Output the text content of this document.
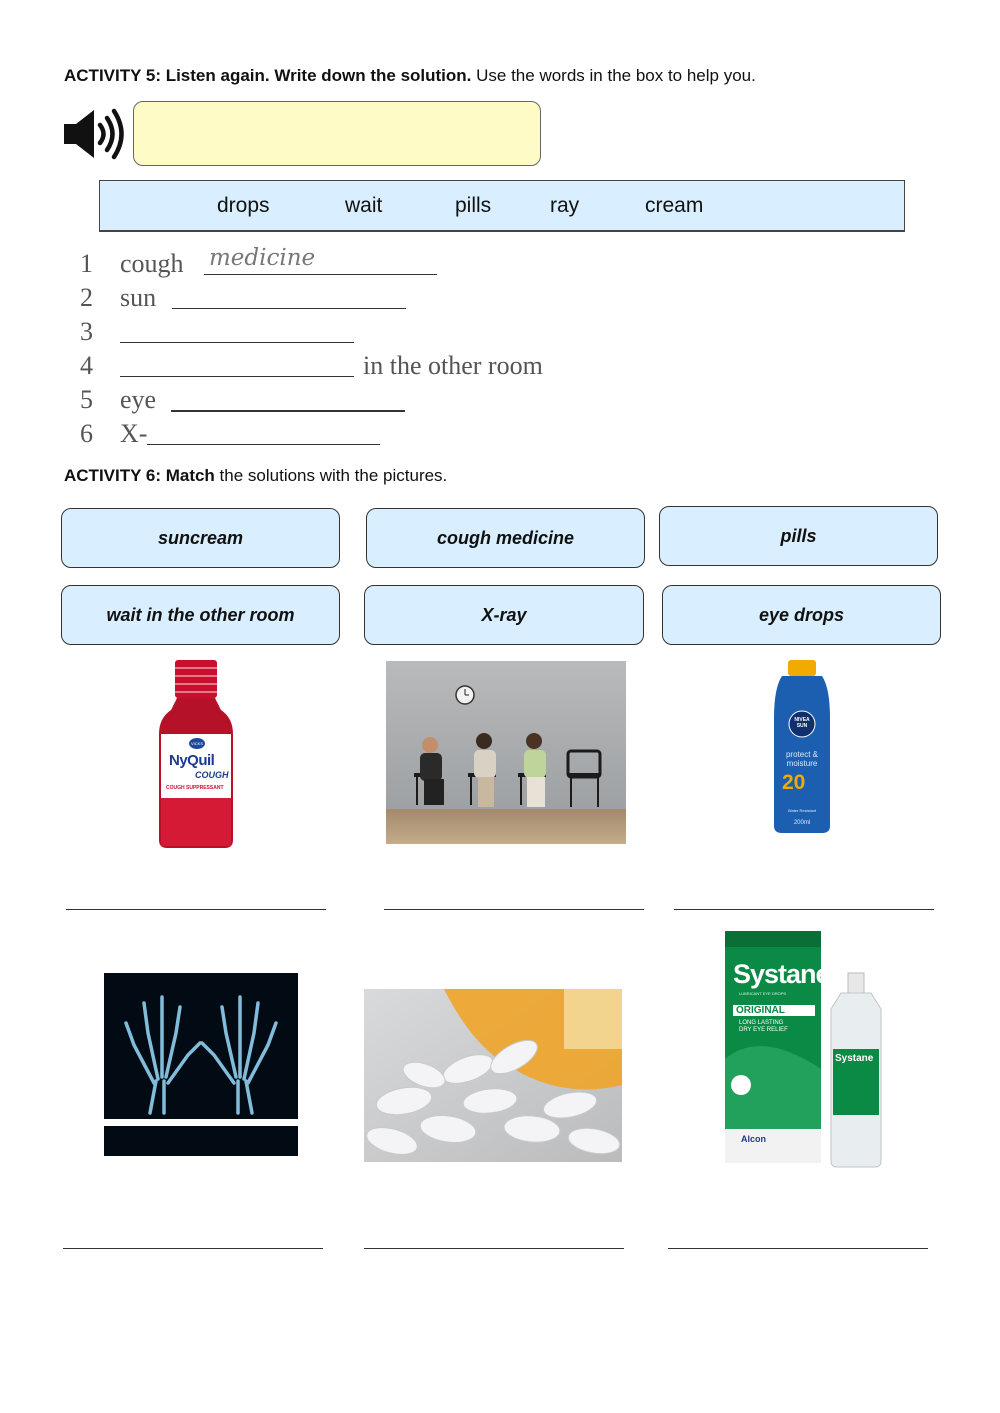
ACTIVITY 5: Listen again. Write down the solution. Use the words in the box to help you.
drops	wait	pills	ray	cream
1 cough medicine
2 sun
3
4	in the other room
5 eye
6 X-
ACTIVITY 6: Match the solutions with the pictures.
suncream	cough medicine	pills
wait in the other room	X-ray	eye drops
VICKS
NyQuil
COUGH
COUGH SUPPRESSANT
NIVEA
SUN
protect &
moisture
20
Water Resistant
200ml
Systane
LUBRICANT EYE DROPS
ORIGINAL
LONG LASTING
DRY EYE RELIEF
Alcon
Systane
